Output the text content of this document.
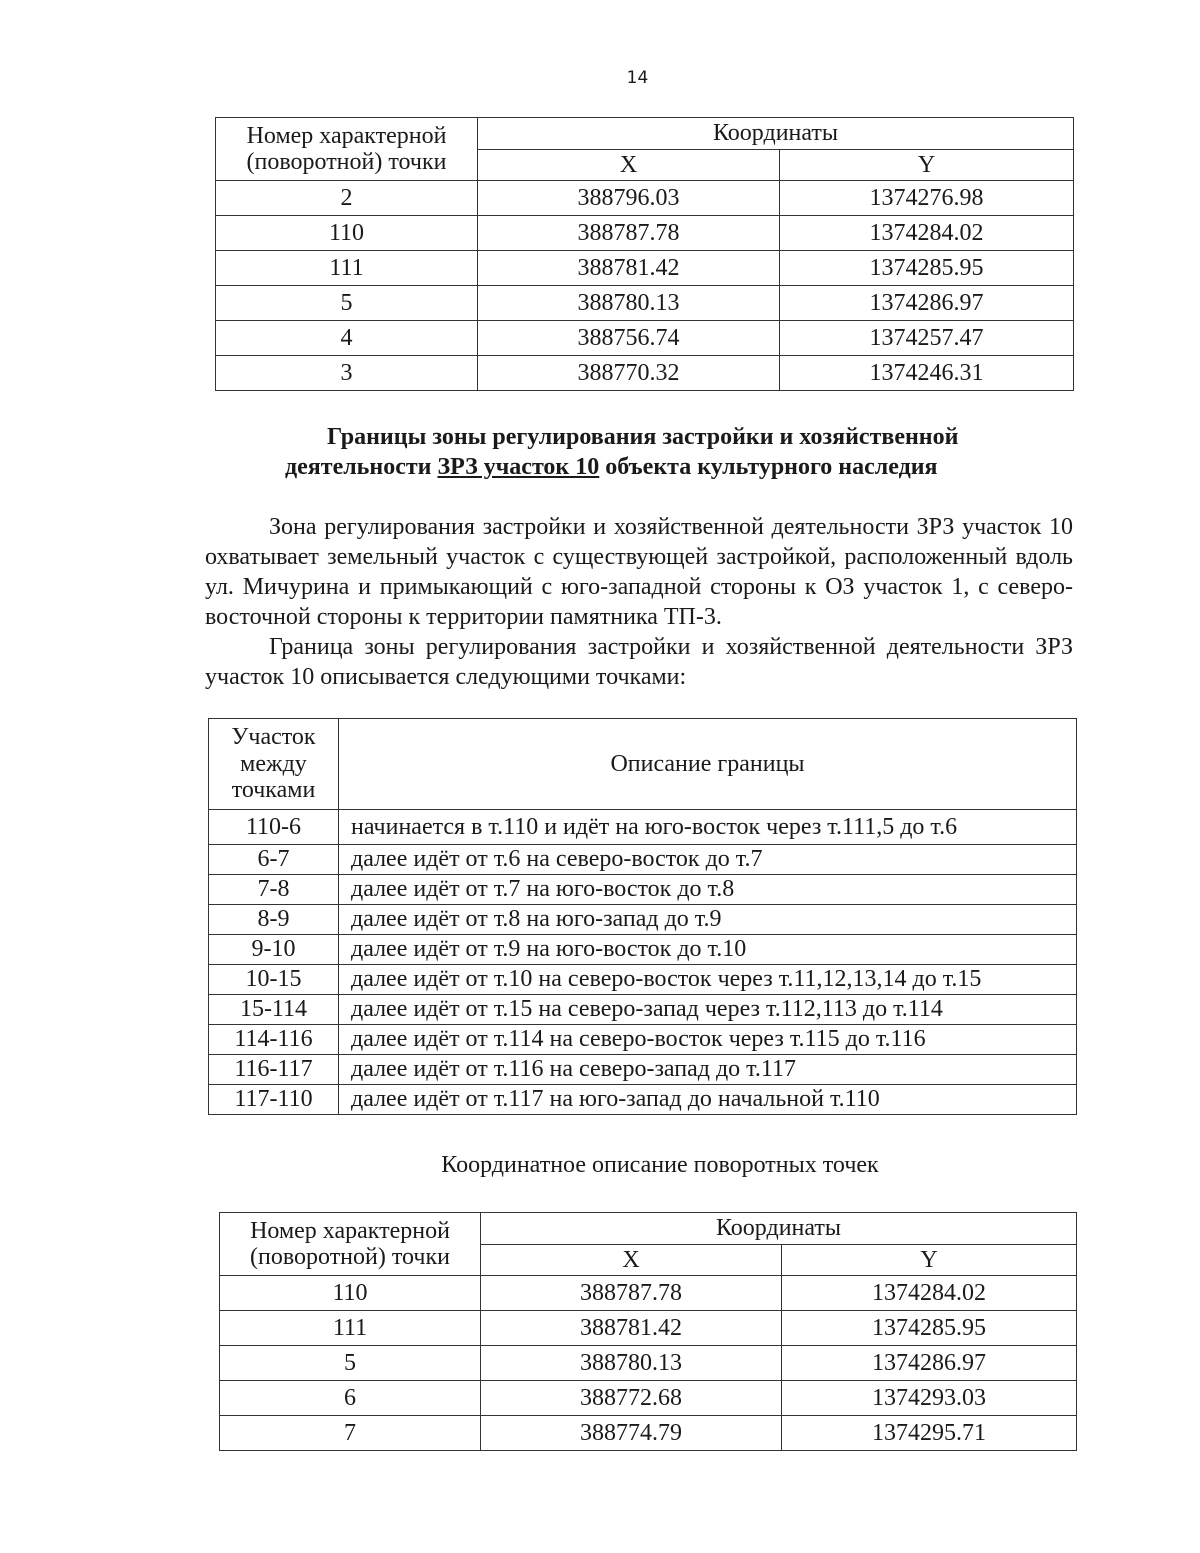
14
Номер характерной
(поворотной) точки	Координаты	
	X	Y
2	388796.03	1374276.98
110	388787.78	1374284.02
111	388781.42	1374285.95
5	388780.13	1374286.97
4	388756.74	1374257.47
3	388770.32	1374246.31
Границы зоны регулирования застройки и хозяйственной
деятельности ЗРЗ участок 10 объекта культурного наследия

Зона регулирования застройки и хозяйственной деятельности ЗРЗ участок 10 охватывает земельный участок с существующей застройкой, расположенный вдоль ул. Мичурина и примыкающий с юго-западной стороны к ОЗ участок 1, с северо-восточной стороны к территории памятника ТП-3.

Граница зоны регулирования застройки и хозяйственной деятельности ЗРЗ участок 10 описывается следующими точками:

Участок
между
точками	Описание границы
110-6	начинается в т.110 и идёт на юго-восток через т.111,5 до т.6
6-7	далее идёт от т.6 на северо-восток до т.7
7-8	далее идёт от т.7 на юго-восток до т.8
8-9	далее идёт от т.8 на юго-запад до т.9
9-10	далее идёт от т.9 на юго-восток до т.10
10-15	далее идёт от т.10 на северо-восток через т.11,12,13,14 до т.15
15-114	далее идёт от т.15 на северо-запад через т.112,113 до т.114
114-116	далее идёт от т.114 на северо-восток через т.115 до т.116
116-117	далее идёт от т.116 на северо-запад до т.117
117-110	далее идёт от т.117 на юго-запад до начальной т.110
Координатное описание поворотных точек
Номер характерной
(поворотной) точки	Координаты	
	X	Y
110	388787.78	1374284.02
111	388781.42	1374285.95
5	388780.13	1374286.97
6	388772.68	1374293.03
7	388774.79	1374295.71
